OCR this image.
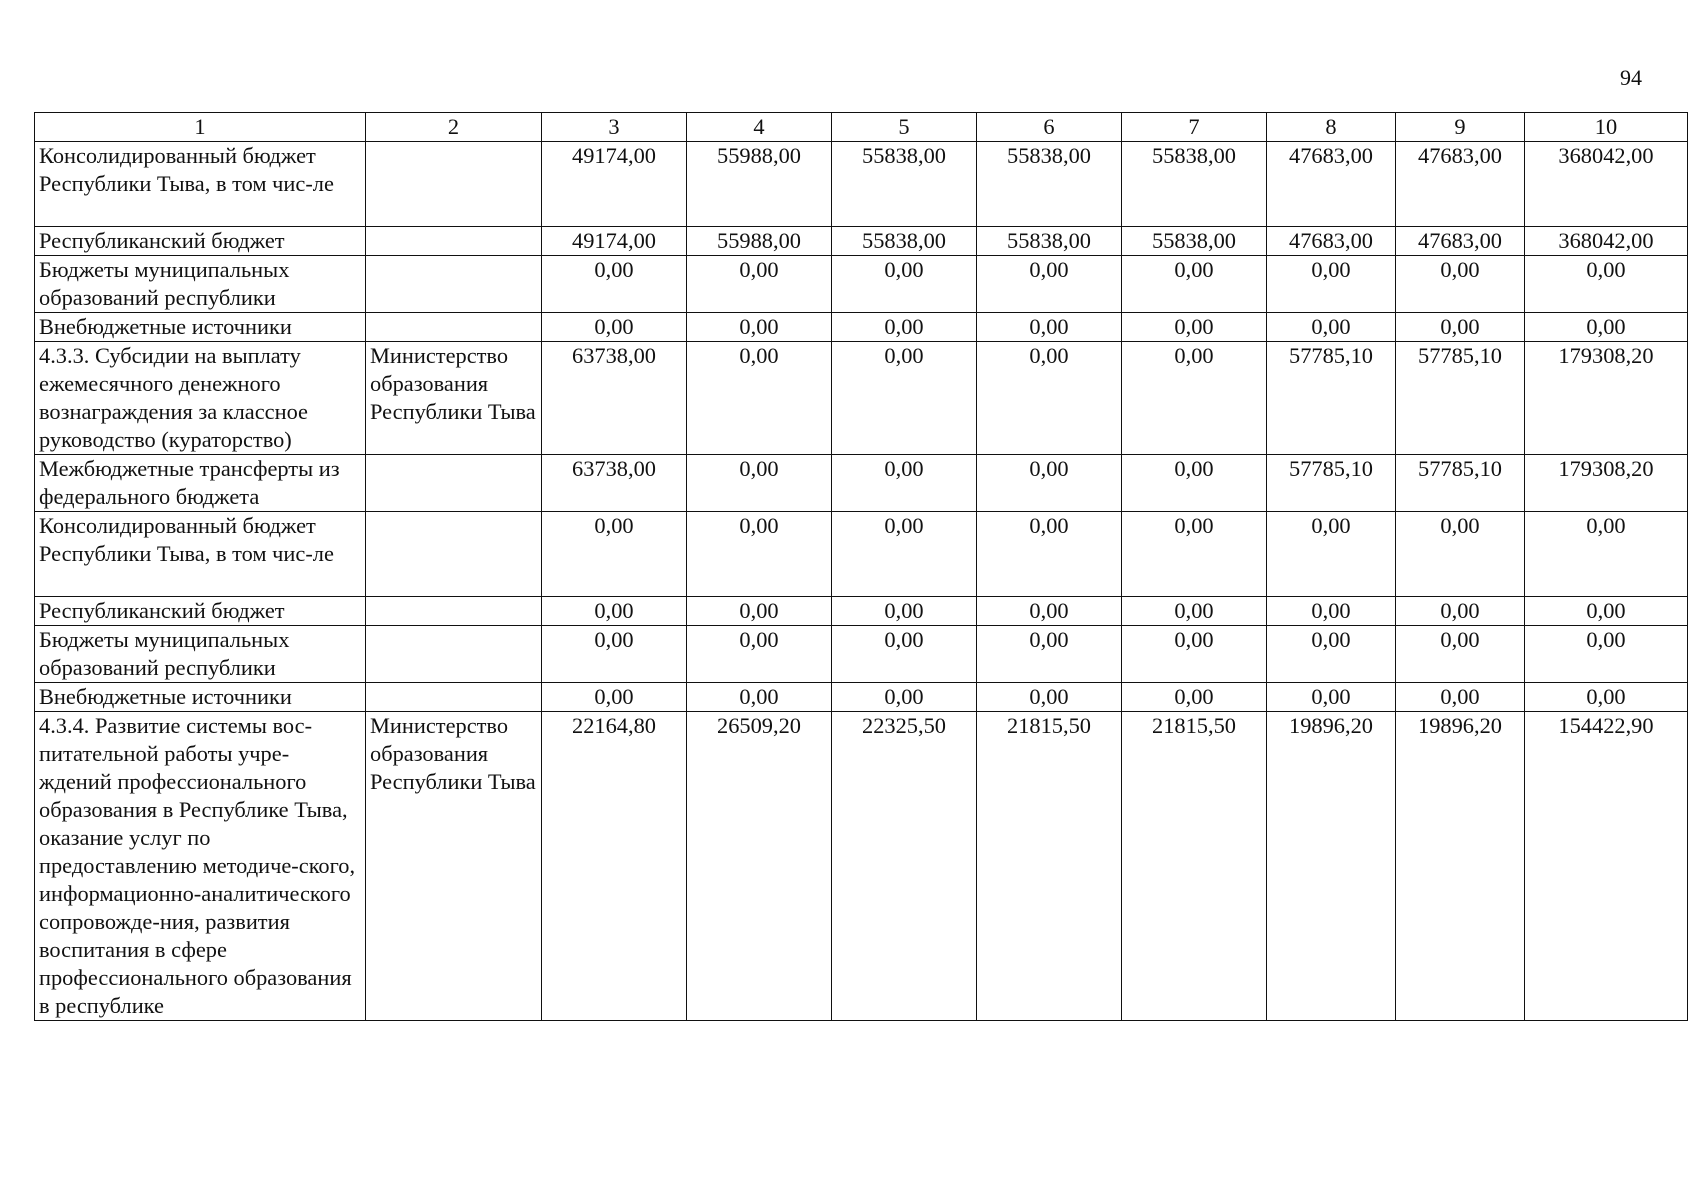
94
1	2	3	4	5	6	7	8	9	10
Консолидированный бюджет Республики Тыва, в том чис-ле		49174,00	55988,00	55838,00	55838,00	55838,00	47683,00	47683,00	368042,00
Республиканский бюджет		49174,00	55988,00	55838,00	55838,00	55838,00	47683,00	47683,00	368042,00
Бюджеты муниципальных образований республики		0,00	0,00	0,00	0,00	0,00	0,00	0,00	0,00
Внебюджетные источники		0,00	0,00	0,00	0,00	0,00	0,00	0,00	0,00
4.3.3. Субсидии на выплату ежемесячного денежного вознаграждения за классное руководство (кураторство)	Министерство образования Республики Тыва	63738,00	0,00	0,00	0,00	0,00	57785,10	57785,10	179308,20
Межбюджетные трансферты из федерального бюджета		63738,00	0,00	0,00	0,00	0,00	57785,10	57785,10	179308,20
Консолидированный бюджет Республики Тыва, в том чис-ле		0,00	0,00	0,00	0,00	0,00	0,00	0,00	0,00
Республиканский бюджет		0,00	0,00	0,00	0,00	0,00	0,00	0,00	0,00
Бюджеты муниципальных образований республики		0,00	0,00	0,00	0,00	0,00	0,00	0,00	0,00
Внебюджетные источники		0,00	0,00	0,00	0,00	0,00	0,00	0,00	0,00
4.3.4. Развитие системы вос-питательной работы учре-ждений профессионального образования в Республике Тыва, оказание услуг по предоставлению методиче-ского, информационно-аналитического сопровожде-ния, развития воспитания в сфере профессионального образования в республике	Министерство образования Республики Тыва	22164,80	26509,20	22325,50	21815,50	21815,50	19896,20	19896,20	154422,90
